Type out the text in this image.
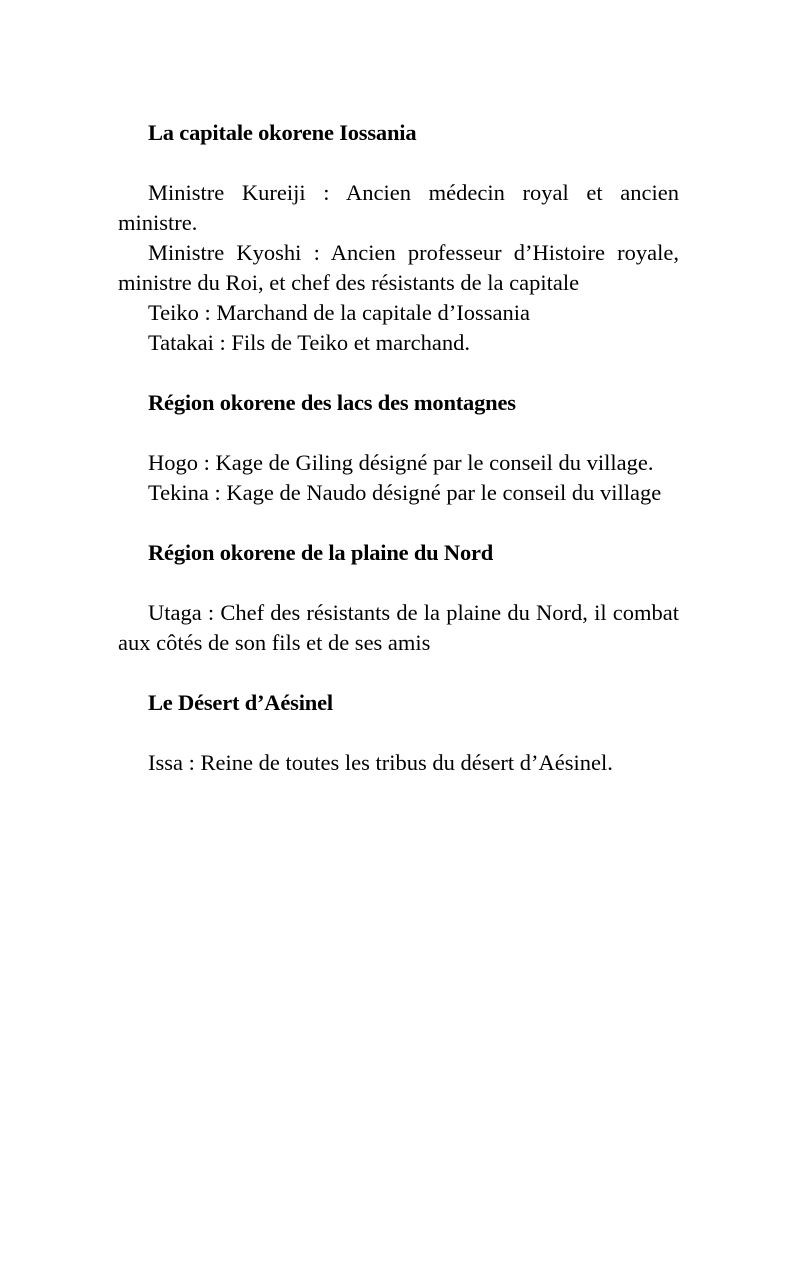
La capitale okorene Iossania

Ministre Kureiji : Ancien médecin royal et ancien ministre.

Ministre Kyoshi : Ancien professeur d’Histoire royale, ministre du Roi, et chef des résistants de la capitale

Teiko : Marchand de la capitale d’Iossania

Tatakai : Fils de Teiko et marchand.

Région okorene des lacs des montagnes

Hogo : Kage de Giling désigné par le conseil du village.

Tekina : Kage de Naudo désigné par le conseil du village

Région okorene de la plaine du Nord

Utaga : Chef des résistants de la plaine du Nord, il combat aux côtés de son fils et de ses amis

Le Désert d’Aésinel

Issa : Reine de toutes les tribus du désert d’Aésinel.
